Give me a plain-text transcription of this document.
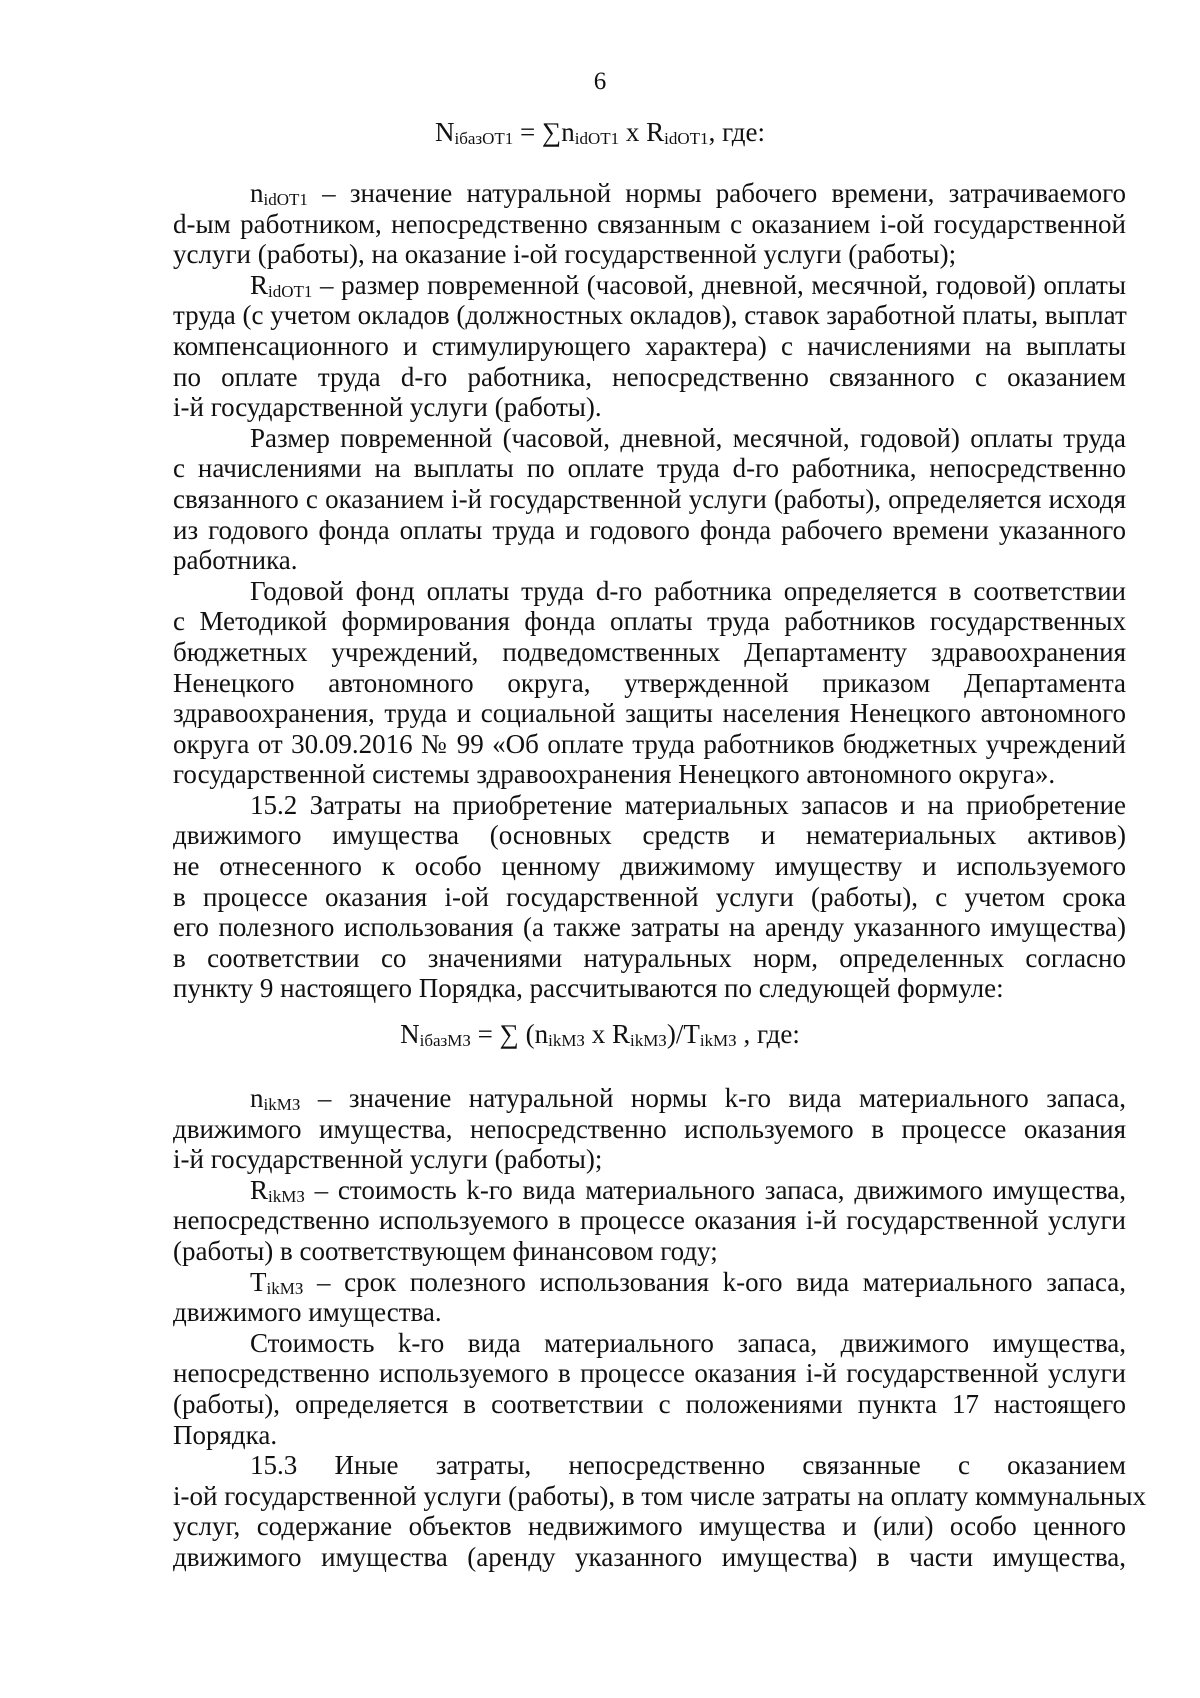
6
$N_{iбазОТ1} = \sum n_{idОТ1}$ x $R_{idОТ1}$, где:
$n_{idОТ1}$ – значение натуральной нормы рабочего времени, затрачиваемого
d-ым работником, непосредственно связанным с оказанием i-ой государственной
услуги (работы), на оказание i-ой государственной услуги (работы);
$R_{idОТ1}$ – размер повременной (часовой, дневной, месячной, годовой) оплаты
труда (с учетом окладов (должностных окладов), ставок заработной платы, выплат
компенсационного и стимулирующего характера) с начислениями на выплаты
по оплате труда d-го работника, непосредственно связанного с оказанием
i-й государственной услуги (работы).
Размер повременной (часовой, дневной, месячной, годовой) оплаты труда
с начислениями на выплаты по оплате труда d-го работника, непосредственно
связанного с оказанием i-й государственной услуги (работы), определяется исходя
из годового фонда оплаты труда и годового фонда рабочего времени указанного
работника.
Годовой фонд оплаты труда d-го работника определяется в соответствии
с Методикой формирования фонда оплаты труда работников государственных
бюджетных учреждений, подведомственных Департаменту здравоохранения
Ненецкого автономного округа, утвержденной приказом Департамента
здравоохранения, труда и социальной защиты населения Ненецкого автономного
округа от 30.09.2016 № 99 «Об оплате труда работников бюджетных учреждений
государственной системы здравоохранения Ненецкого автономного округа».
15.2 Затраты на приобретение материальных запасов и на приобретение
движимого имущества (основных средств и нематериальных активов)
не отнесенного к особо ценному движимому имуществу и используемого
в процессе оказания i-ой государственной услуги (работы), с учетом срока
его полезного использования (а также затраты на аренду указанного имущества)
в соответствии со значениями натуральных норм, определенных согласно
пункту 9 настоящего Порядка, рассчитываются по следующей формуле:
$N_{iбазМЗ}$ = ∑ ($n_{ikМЗ}$ x $R_{ikМЗ})/T_{ikМЗ}$ , где:
$n_{ikМЗ}$ – значение натуральной нормы k-го вида материального запаса,
движимого имущества, непосредственно используемого в процессе оказания
i-й государственной услуги (работы);
$R_{ikМЗ}$ – стоимость k-го вида материального запаса, движимого имущества,
непосредственно используемого в процессе оказания i-й государственной услуги
(работы) в соответствующем финансовом году;
$T_{ikМЗ}$ – срок полезного использования k-ого вида материального запаса,
движимого имущества.
Стоимость k-го вида материального запаса, движимого имущества,
непосредственно используемого в процессе оказания i-й государственной услуги
(работы), определяется в соответствии с положениями пункта 17 настоящего
Порядка.
15.3 Иные затраты, непосредственно связанные с оказанием
i-ой государственной услуги (работы), в том числе затраты на оплату коммунальных
услуг, содержание объектов недвижимого имущества и (или) особо ценного
движимого имущества (аренду указанного имущества) в части имущества,
